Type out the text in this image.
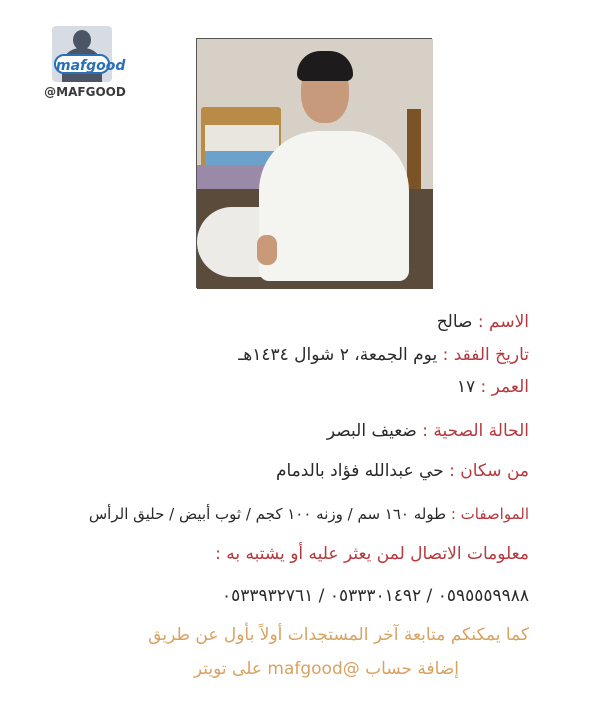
mafgood
@MAFGOOD
الاسم : صالح
تاريخ الفقد : يوم الجمعة، ٢ شوال ١٤٣٤هـ
العمر : ١٧
الحالة الصحية : ضعيف البصر
من سكان : حي عبدالله فؤاد بالدمام
المواصفات : طوله ١٦٠ سم / وزنه ١٠٠ كجم / ثوب أبيض / حليق الرأس
معلومات الاتصال لمن يعثر عليه أو يشتبه به :
٠٥٩٥٥٥٩٩٨٨ / ٠٥٣٣٣٠١٤٩٢ / ٠٥٣٣٩٣٢٧٦١
كما يمكنكم متابعة آخر المستجدات أولاً بأول عن طريق
إضافة حساب @mafgood على تويتر
